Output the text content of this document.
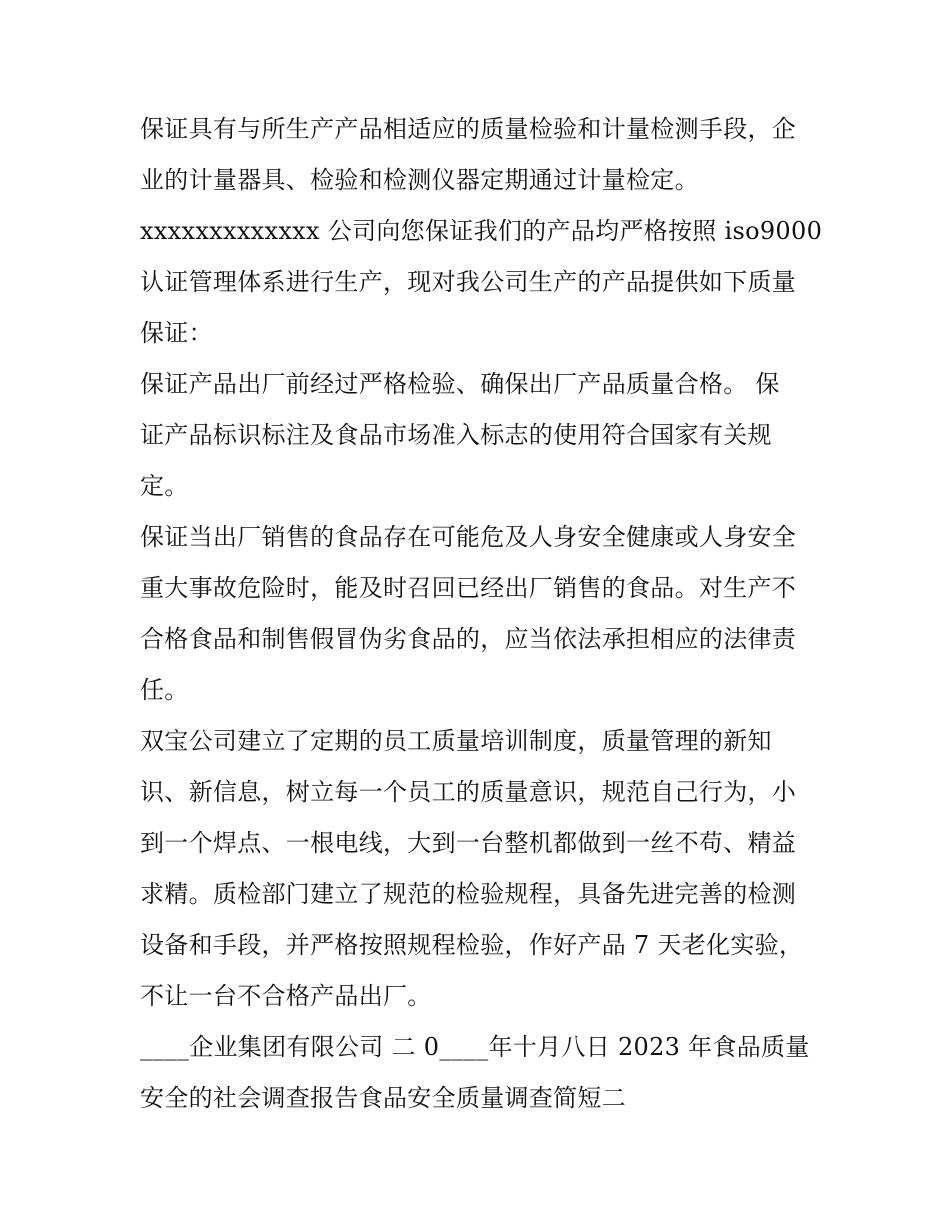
保证具有与所生产产品相适应的质量检验和计量检测手段，企

业的计量器具、检验和检测仪器定期通过计量检定。

xxxxxxxxxxxxx 公司向您保证我们的产品均严格按照 iso9000

认证管理体系进行生产，现对我公司生产的产品提供如下质量

保证：

保证产品出厂前经过严格检验、确保出厂产品质量合格。 保

证产品标识标注及食品市场准入标志的使用符合国家有关规

定。

保证当出厂销售的食品存在可能危及人身安全健康或人身安全

重大事故危险时，能及时召回已经出厂销售的食品。对生产不

合格食品和制售假冒伪劣食品的，应当依法承担相应的法律责

任。

双宝公司建立了定期的员工质量培训制度，质量管理的新知

识、新信息，树立每一个员工的质量意识，规范自己行为，小

到一个焊点、一根电线，大到一台整机都做到一丝不苟、精益

求精。质检部门建立了规范的检验规程，具备先进完善的检测

设备和手段，并严格按照规程检验，作好产品 7 天老化实验，

不让一台不合格产品出厂。

____企业集团有限公司 二 0____年十月八日 2023 年食品质量

安全的社会调查报告食品安全质量调查简短二
